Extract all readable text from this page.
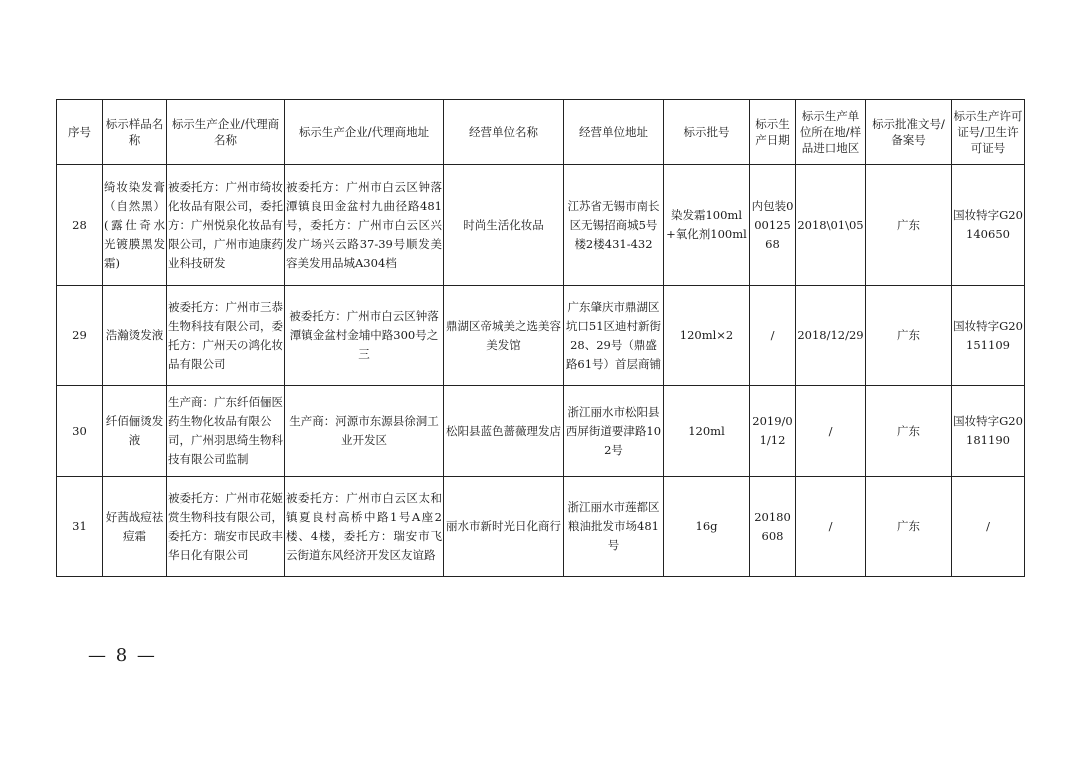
序号	标示样品名称	标示生产企业/代理商名称	标示生产企业/代理商地址	经营单位名称	经营单位地址	标示批号	标示生产日期	标示生产单位所在地/样品进口地区	标示批准文号/备案号	标示生产许可证号/卫生许可证号
28	绮妆染发膏（自然黑）(露仕奇水光镀膜黑发霜)	被委托方：广州市绮妆化妆品有限公司，委托方：广州悦泉化妆品有限公司，广州市迪康药业科技研发	被委托方：广州市白云区钟落潭镇良田金盆村九曲径路481号，委托方：广州市白云区兴发广场兴云路37-39号顺发美容美发用品城A304档	时尚生活化妆品	江苏省无锡市南长区无锡招商城5号楼2楼431-432	染发霜100ml+氧化剂100ml	内包装00012568	2018\01\05	广东	国妆特字G20140650
29	浩瀚烫发液	被委托方：广州市三恭生物科技有限公司，委托方：广州天の鸿化妆品有限公司	被委托方：广州市白云区钟落潭镇金盆村金埔中路300号之三	鼎湖区帝城美之选美容美发馆	广东肇庆市鼎湖区坑口51区迪村新街28、29号（鼎盛路61号）首层商铺	120ml×2	/	2018/12/29	广东	国妆特字G20151109
30	纤佰俪烫发液	生产商：广东纤佰俪医药生物化妆品有限公司，广州羽思绮生物科技有限公司监制	生产商：河源市东源县徐洞工业开发区	松阳县蓝色蔷薇理发店	浙江丽水市松阳县西屏街道要津路102号	120ml	2019/01/12	/	广东	国妆特字G20181190
31	好茜战痘祛痘霜	被委托方：广州市花姬赏生物科技有限公司，委托方：瑞安市民政丰华日化有限公司	被委托方：广州市白云区太和镇夏良村高桥中路1号A座2楼、4楼，委托方：瑞安市飞云街道东风经济开发区友谊路	丽水市新时光日化商行	浙江丽水市莲都区粮油批发市场481号	16g	20180608	/	广东	/
— 8 —
